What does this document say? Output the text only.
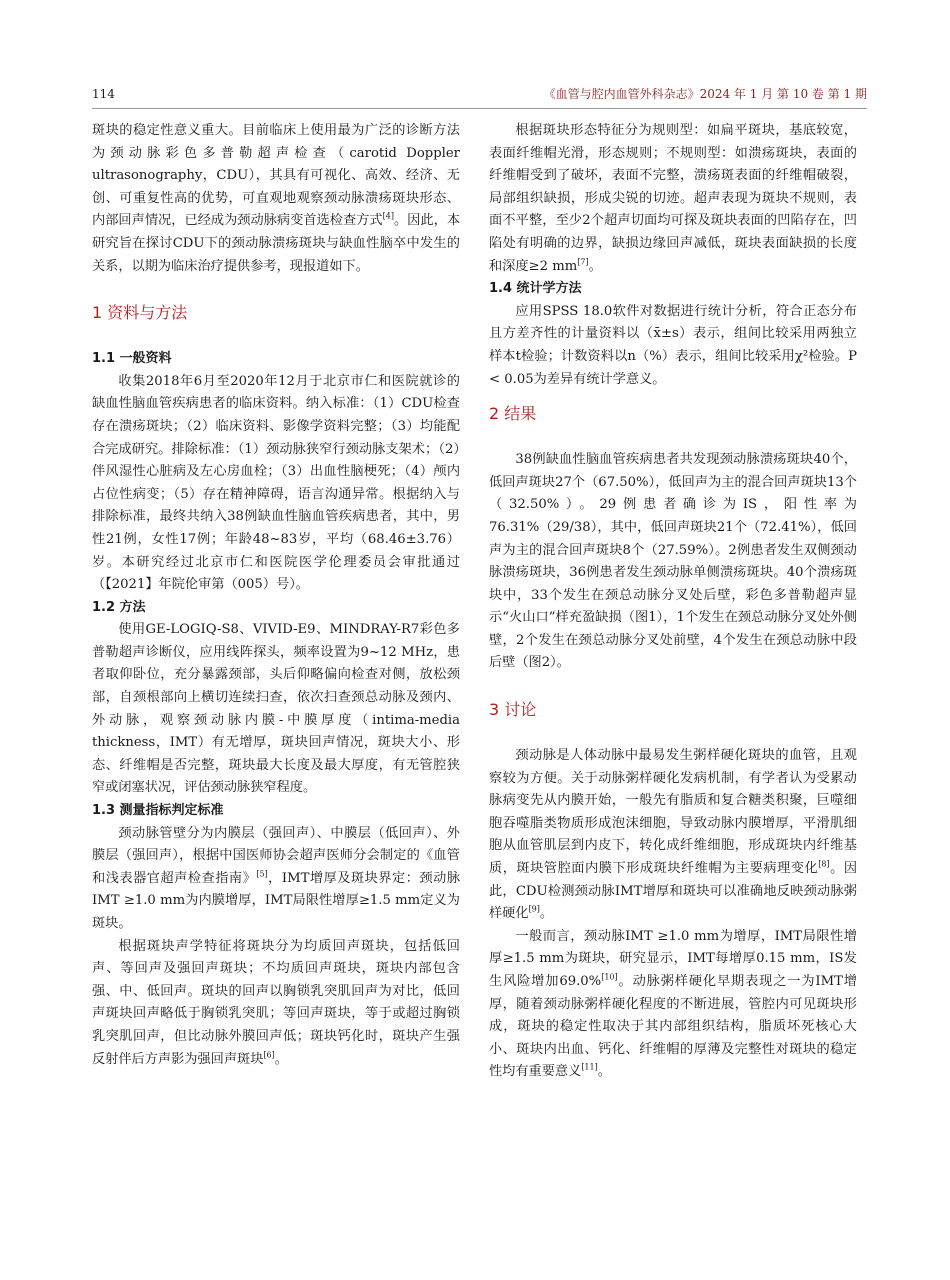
114	《血管与腔内血管外科杂志》2024 年 1 月 第 10 卷 第 1 期

斑块的稳定性意义重大。目前临床上使用最为广泛的诊断方法为颈动脉彩色多普勒超声检查（carotid Doppler ultrasonography，CDU），其具有可视化、高效、经济、无创、可重复性高的优势，可直观地观察颈动脉溃疡斑块形态、内部回声情况，已经成为颈动脉病变首选检查方式[4]。因此，本研究旨在探讨CDU下的颈动脉溃疡斑块与缺血性脑卒中发生的关系，以期为临床治疗提供参考，现报道如下。

1 资料与方法
1.1 一般资料

收集2018年6月至2020年12月于北京市仁和医院就诊的缺血性脑血管疾病患者的临床资料。纳入标准：（1）CDU检查存在溃疡斑块；（2）临床资料、影像学资料完整；（3）均能配合完成研究。排除标准：（1）颈动脉狭窄行颈动脉支架术；（2）伴风湿性心脏病及左心房血栓；（3）出血性脑梗死；（4）颅内占位性病变；（5）存在精神障碍，语言沟通异常。根据纳入与排除标准，最终共纳入38例缺血性脑血管疾病患者，其中，男性21例，女性17例；年龄48~83岁，平均（68.46±3.76）岁。本研究经过北京市仁和医院医学伦理委员会审批通过（【2021】年院伦审第（005）号）。

1.2 方法

使用GE-LOGIQ-S8、VIVID-E9、MINDRAY-R7彩色多普勒超声诊断仪，应用线阵探头，频率设置为9~12 MHz，患者取仰卧位，充分暴露颈部，头后仰略偏向检查对侧，放松颈部，自颈根部向上横切连续扫查，依次扫查颈总动脉及颈内、外动脉，观察颈动脉内膜-中膜厚度（intima-media thickness，IMT）有无增厚，斑块回声情况，斑块大小、形态、纤维帽是否完整，斑块最大长度及最大厚度，有无管腔狭窄或闭塞状况，评估颈动脉狭窄程度。

1.3 测量指标判定标准

颈动脉管壁分为内膜层（强回声）、中膜层（低回声）、外膜层（强回声），根据中国医师协会超声医师分会制定的《血管和浅表器官超声检查指南》[5]，IMT增厚及斑块界定：颈动脉IMT ≥1.0 mm为内膜增厚，IMT局限性增厚≥1.5 mm定义为斑块。

根据斑块声学特征将斑块分为均质回声斑块，包括低回声、等回声及强回声斑块；不均质回声斑块，斑块内部包含强、中、低回声。斑块的回声以胸锁乳突肌回声为对比，低回声斑块回声略低于胸锁乳突肌；等回声斑块，等于或超过胸锁乳突肌回声，但比动脉外膜回声低；斑块钙化时，斑块产生强反射伴后方声影为强回声斑块[6]。

根据斑块形态特征分为规则型：如扁平斑块，基底较宽，表面纤维帽光滑，形态规则；不规则型：如溃疡斑块，表面的纤维帽受到了破坏，表面不完整，溃疡斑表面的纤维帽破裂，局部组织缺损，形成尖锐的切迹。超声表现为斑块不规则，表面不平整，至少2个超声切面均可探及斑块表面的凹陷存在，凹陷处有明确的边界，缺损边缘回声减低，斑块表面缺损的长度和深度≥2 mm[7]。

1.4 统计学方法

应用SPSS 18.0软件对数据进行统计分析，符合正态分布且方差齐性的计量资料以（x̄±s）表示，组间比较采用两独立样本t检验；计数资料以n（%）表示，组间比较采用χ²检验。P < 0.05为差异有统计学意义。

2 结果

38例缺血性脑血管疾病患者共发现颈动脉溃疡斑块40个，低回声斑块27个（67.50%），低回声为主的混合回声斑块13个（32.50%）。29例患者确诊为IS，阳性率为76.31%（29/38），其中，低回声斑块21个（72.41%），低回声为主的混合回声斑块8个（27.59%）。2例患者发生双侧颈动脉溃疡斑块，36例患者发生颈动脉单侧溃疡斑块。40个溃疡斑块中，33个发生在颈总动脉分叉处后壁，彩色多普勒超声显示“火山口”样充盈缺损（图1），1个发生在颈总动脉分叉处外侧壁，2个发生在颈总动脉分叉处前壁，4个发生在颈总动脉中段后壁（图2）。

3 讨论

颈动脉是人体动脉中最易发生粥样硬化斑块的血管，且观察较为方便。关于动脉粥样硬化发病机制，有学者认为受累动脉病变先从内膜开始，一般先有脂质和复合糖类积聚，巨噬细胞吞噬脂类物质形成泡沫细胞，导致动脉内膜增厚，平滑肌细胞从血管肌层到内皮下，转化成纤维细胞，形成斑块内纤维基质，斑块管腔面内膜下形成斑块纤维帽为主要病理变化[8]。因此，CDU检测颈动脉IMT增厚和斑块可以准确地反映颈动脉粥样硬化[9]。

一般而言，颈动脉IMT ≥1.0 mm为增厚，IMT局限性增厚≥1.5 mm为斑块，研究显示，IMT每增厚0.15 mm，IS发生风险增加69.0%[10]。动脉粥样硬化早期表现之一为IMT增厚，随着颈动脉粥样硬化程度的不断进展，管腔内可见斑块形成，斑块的稳定性取决于其内部组织结构，脂质坏死核心大小、斑块内出血、钙化、纤维帽的厚薄及完整性对斑块的稳定性均有重要意义[11]。
